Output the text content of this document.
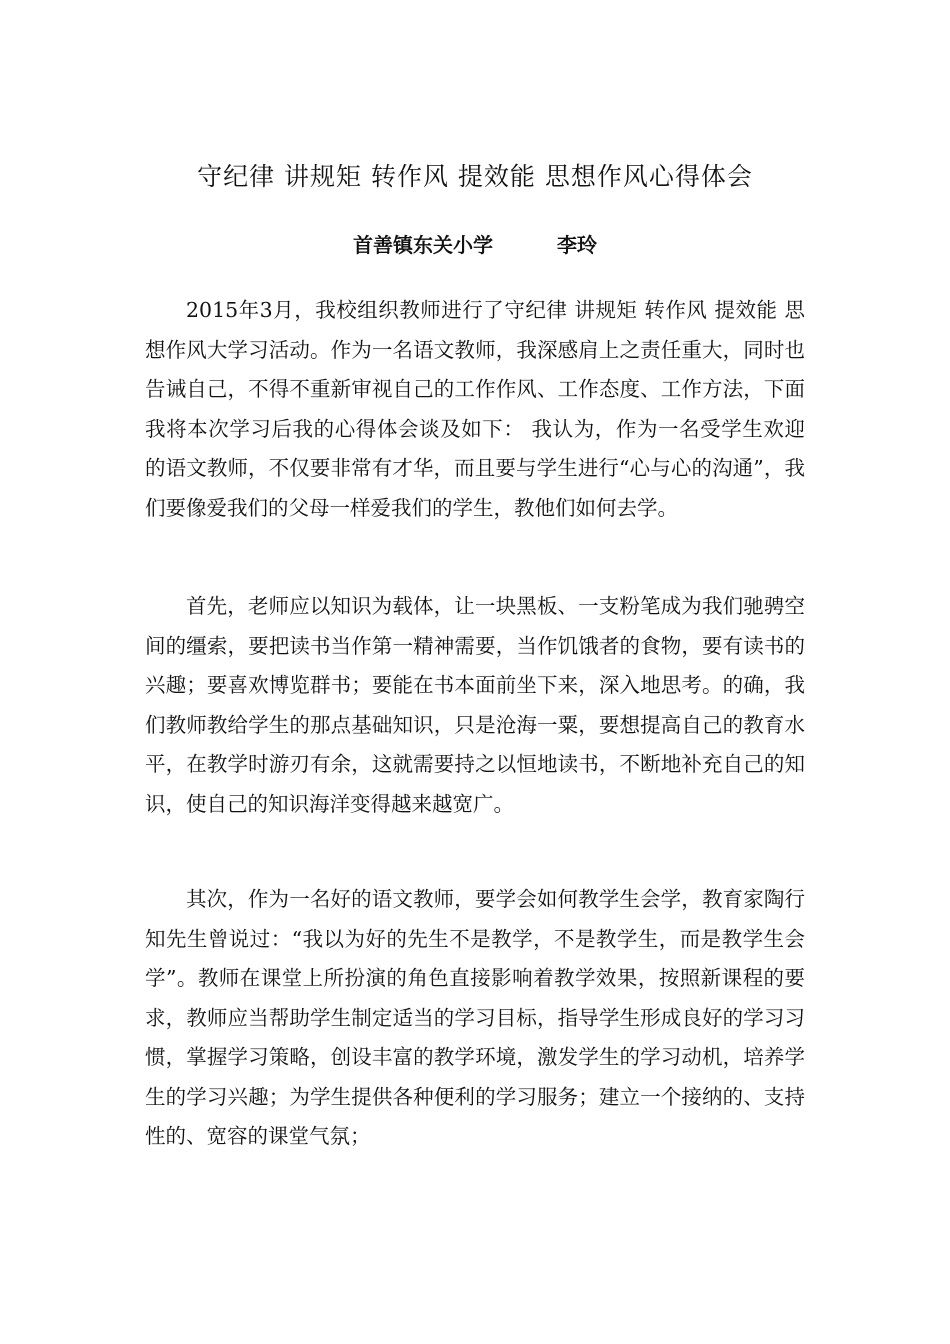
守纪律 讲规矩 转作风 提效能 思想作风心得体会
首善镇东关小学	李玲

2015年3月，我校组织教师进行了守纪律 讲规矩 转作风 提效能 思想作风大学习活动。作为一名语文教师，我深感肩上之责任重大，同时也告诫自己，不得不重新审视自己的工作作风、工作态度、工作方法，下面我将本次学习后我的心得体会谈及如下： 我认为，作为一名受学生欢迎的语文教师，不仅要非常有才华，而且要与学生进行“心与心的沟通”，我们要像爱我们的父母一样爱我们的学生，教他们如何去学。

首先，老师应以知识为载体，让一块黑板、一支粉笔成为我们驰骋空间的缰索，要把读书当作第一精神需要，当作饥饿者的食物，要有读书的兴趣；要喜欢博览群书；要能在书本面前坐下来，深入地思考。的确，我们教师教给学生的那点基础知识，只是沧海一粟，要想提高自己的教育水平，在教学时游刃有余，这就需要持之以恒地读书，不断地补充自己的知识，使自己的知识海洋变得越来越宽广。

其次，作为一名好的语文教师，要学会如何教学生会学，教育家陶行知先生曾说过：“我以为好的先生不是教学，不是教学生，而是教学生会学”。教师在课堂上所扮演的角色直接影响着教学效果，按照新课程的要求，教师应当帮助学生制定适当的学习目标，指导学生形成良好的学习习惯，掌握学习策略，创设丰富的教学环境，激发学生的学习动机，培养学生的学习兴趣；为学生提供各种便利的学习服务；建立一个接纳的、支持性的、宽容的课堂气氛；
